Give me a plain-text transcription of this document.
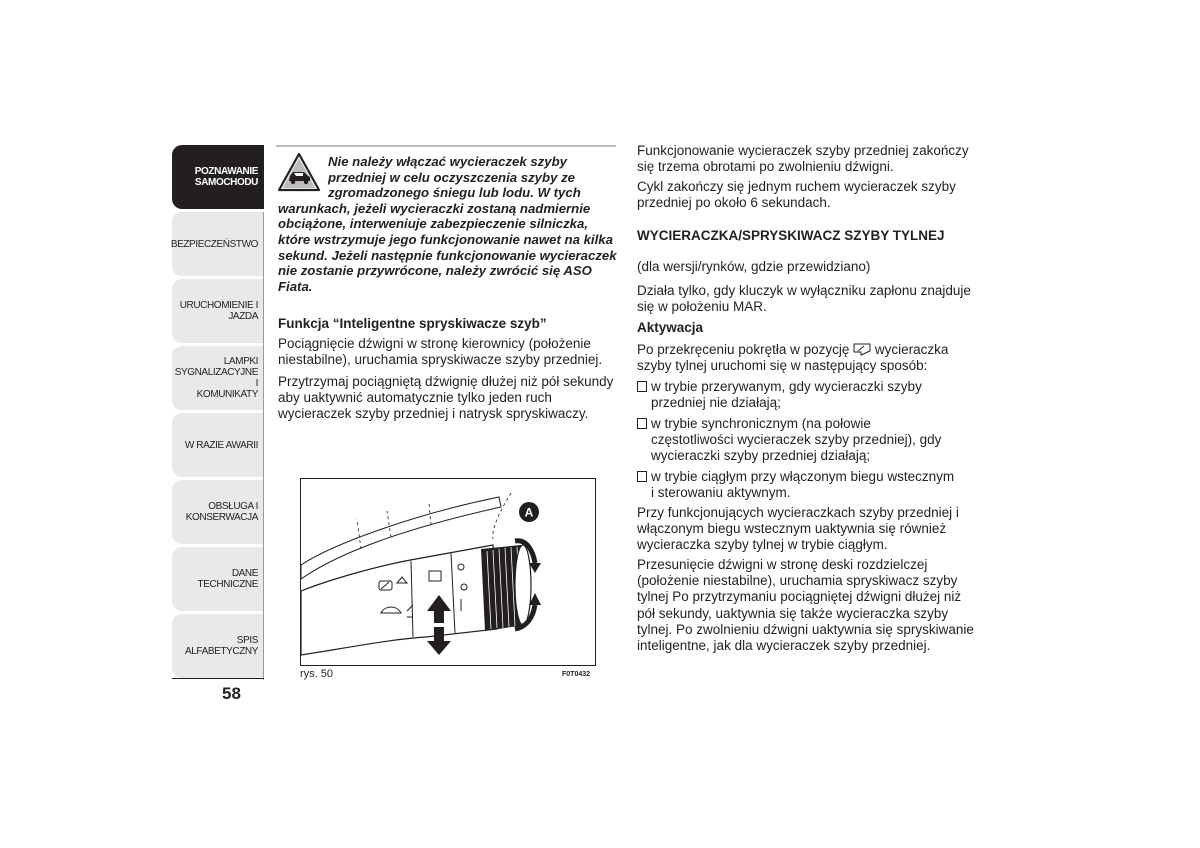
POZNAWANIE
SAMOCHODU
BEZPIECZEŃSTWO
URUCHOMIENIE I
JAZDA
LAMPKI
SYGNALIZACYJNE I
KOMUNIKATY
W RAZIE AWARII
OBSŁUGA I
KONSERWACJA
DANE TECHNICZNE
SPIS ALFABETYCZNY
58
Nie należy włączać wycieraczek szyby
przedniej w celu oczyszczenia szyby ze
zgromadzonego śniegu lub lodu. W tych
warunkach, jeżeli wycieraczki zostaną nadmiernie obciążone, interweniuje zabezpieczenie silniczka, które wstrzymuje jego funkcjonowanie nawet na kilka sekund. Jeżeli następnie funkcjonowanie wycieraczek nie zostanie przywrócone, należy zwrócić się ASO Fiata.
Funkcja “Inteligentne spryskiwacze szyb”
Pociągnięcie dźwigni w stronę kierownicy (położenie niestabilne), uruchamia spryskiwacze szyby przedniej.
Przytrzymaj pociągniętą dźwignię dłużej niż pół sekundy aby uaktywnić automatycznie tylko jeden ruch wycieraczek szyby przedniej i natrysk spryskiwaczy.
A
rys. 50	F0T0432
Funkcjonowanie wycieraczek szyby przedniej zakończy się trzema obrotami po zwolnieniu dźwigni.
Cykl zakończy się jednym ruchem wycieraczek szyby przedniej po około 6 sekundach.
WYCIERACZKA/SPRYSKIWACZ SZYBY TYLNEJ
(dla wersji/rynków, gdzie przewidziano)
Działa tylko, gdy kluczyk w wyłączniku zapłonu znajduje się w położeniu MAR.
Aktywacja
Po przekręceniu pokrętła w pozycję wycieraczka szyby tylnej uruchomi się w następujący sposób:
w trybie przerywanym, gdy wycieraczki szyby
przedniej nie działają;
w trybie synchronicznym (na połowie
częstotliwości wycieraczek szyby przedniej), gdy wycieraczki szyby przedniej działają;
w trybie ciągłym przy włączonym biegu wstecznym
i sterowaniu aktywnym.
Przy funkcjonujących wycieraczkach szyby przedniej i włączonym biegu wstecznym uaktywnia się również wycieraczka szyby tylnej w trybie ciągłym.
Przesunięcie dźwigni w stronę deski rozdzielczej (położenie niestabilne), uruchamia spryskiwacz szyby tylnej Po przytrzymaniu pociągniętej dźwigni dłużej niż pół sekundy, uaktywnia się także wycieraczka szyby tylnej. Po zwolnieniu dźwigni uaktywnia się spryskiwanie inteligentne, jak dla wycieraczek szyby przedniej.
